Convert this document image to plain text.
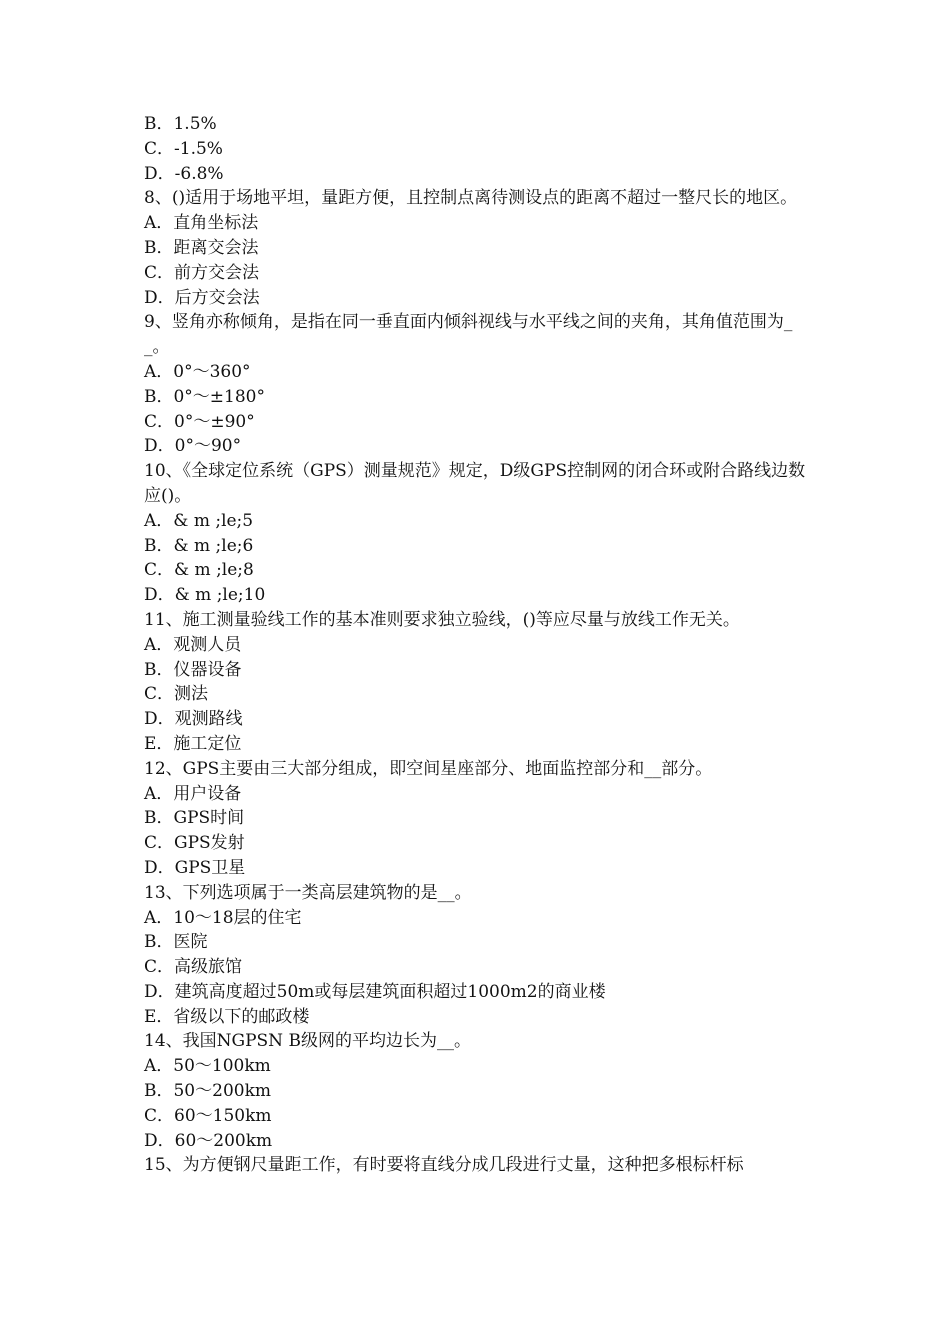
B．1.5%
C．-1.5%
D．-6.8%
8、()适用于场地平坦，量距方便，且控制点离待测设点的距离不超过一整尺长的地区。
A．直角坐标法
B．距离交会法
C．前方交会法
D．后方交会法
9、竖角亦称倾角，是指在同一垂直面内倾斜视线与水平线之间的夹角，其角值范围为__。
A．0°～360°
B．0°～±180°
C．0°～±90°
D．0°～90°
10、《全球定位系统（GPS）测量规范》规定，D级GPS控制网的闭合环或附合路线边数应()。
A．& m ;le;5
B．& m ;le;6
C．& m ;le;8
D．& m ;le;10
11、施工测量验线工作的基本准则要求独立验线，()等应尽量与放线工作无关。
A．观测人员
B．仪器设备
C．测法
D．观测路线
E．施工定位
12、GPS主要由三大部分组成，即空间星座部分、地面监控部分和__部分。
A．用户设备
B．GPS时间
C．GPS发射
D．GPS卫星
13、下列选项属于一类高层建筑物的是__。
A．10～18层的住宅
B．医院
C．高级旅馆
D．建筑高度超过50m或每层建筑面积超过1000m2的商业楼
E．省级以下的邮政楼
14、我国NGPSN B级网的平均边长为__。
A．50～100km
B．50～200km
C．60～150km
D．60～200km
15、为方便钢尺量距工作，有时要将直线分成几段进行丈量，这种把多根标杆标
